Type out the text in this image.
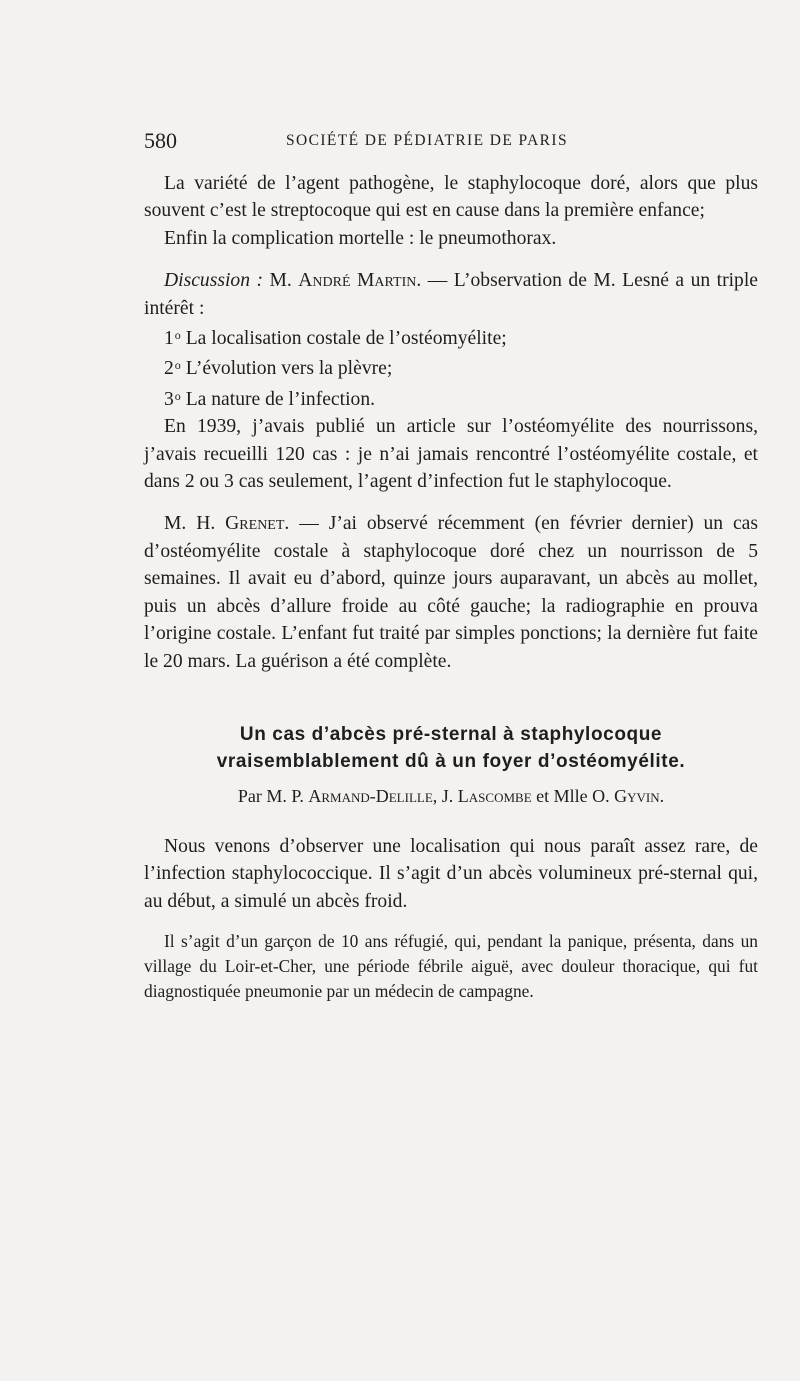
580	SOCIÉTÉ DE PÉDIATRIE DE PARIS

La variété de l’agent pathogène, le staphylocoque doré, alors que plus souvent c’est le streptocoque qui est en cause dans la première enfance;

Enfin la complication mortelle : le pneumothorax.

Discussion : M. André Martin. — L’observation de M. Lesné a un triple intérêt :

1$^o$ La localisation costale de l’ostéomyélite;

2$^o$ L’évolution vers la plèvre;

3$^o$ La nature de l’infection.

En 1939, j’avais publié un article sur l’ostéomyélite des nourrissons, j’avais recueilli 120 cas : je n’ai jamais rencontré l’ostéomyélite costale, et dans 2 ou 3 cas seulement, l’agent d’infection fut le staphylocoque.

M. H. Grenet. — J’ai observé récemment (en février dernier) un cas d’ostéomyélite costale à staphylocoque doré chez un nourrisson de 5 semaines. Il avait eu d’abord, quinze jours auparavant, un abcès au mollet, puis un abcès d’allure froide au côté gauche; la radiographie en prouva l’origine costale. L’enfant fut traité par simples ponctions; la dernière fut faite le 20 mars. La guérison a été complète.

Un cas d’abcès pré-sternal à staphylocoque

vraisemblablement dû à un foyer d’ostéomyélite.

Par M. P. Armand-Delille, J. Lascombe et Mlle O. Gyvin.

Nous venons d’observer une localisation qui nous paraît assez rare, de l’infection staphylococcique. Il s’agit d’un abcès volumineux pré-sternal qui, au début, a simulé un abcès froid.

Il s’agit d’un garçon de 10 ans réfugié, qui, pendant la panique, présenta, dans un village du Loir-et-Cher, une période fébrile aiguë, avec douleur thoracique, qui fut diagnostiquée pneumonie par un médecin de campagne.
